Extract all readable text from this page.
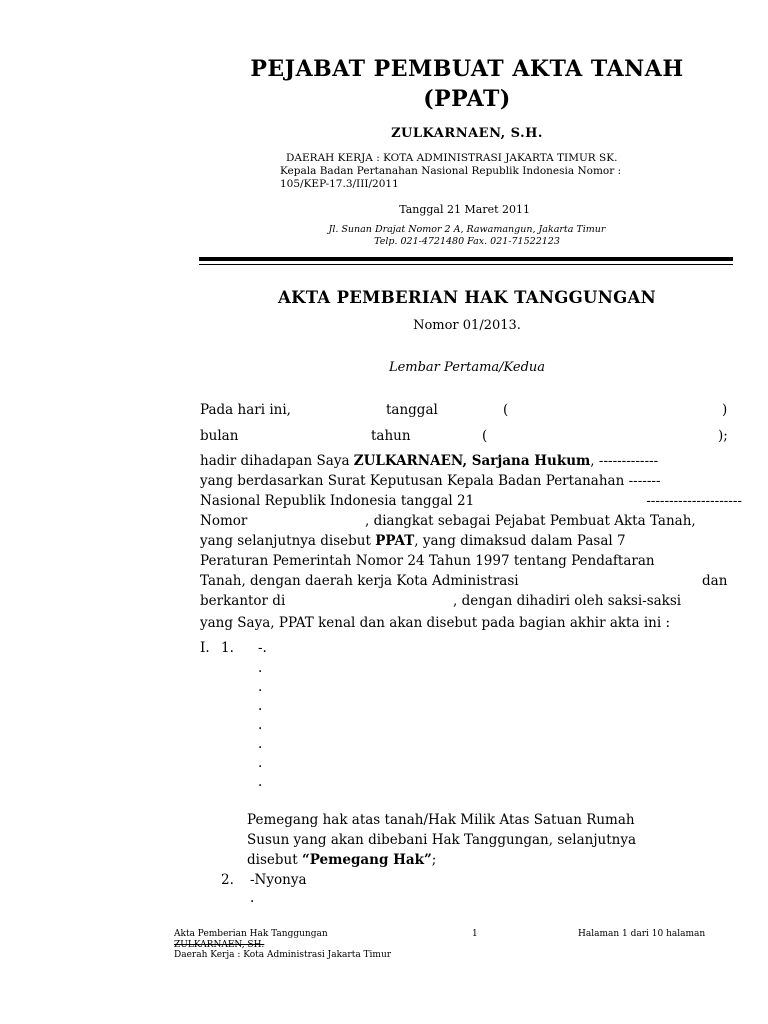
PEJABAT PEMBUAT AKTA TANAH
(PPAT)
ZULKARNAEN, S.H.
DAERAH KERJA : KOTA ADMINISTRASI JAKARTA TIMUR SK.
Kepala Badan Pertanahan Nasional Republik Indonesia Nomor :
105/KEP-17.3/III/2011
Tanggal 21 Maret 2011
Jl. Sunan Drajat Nomor 2 A, Rawamangun, Jakarta Timur
Telp. 021-4721480 Fax. 021-71522123
AKTA PEMBERIAN HAK TANGGUNGAN
Nomor 01/2013.
Lembar Pertama/Kedua
Pada hari ini,	tanggal	(	)
bulan	tahun	(	);
hadir dihadapan Saya ZULKARNAEN, Sarjana Hukum, -------------
yang berdasarkan Surat Keputusan Kepala Badan Pertanahan -------
Nasional Republik Indonesia tanggal 21	---------------------
Nomor	, diangkat sebagai Pejabat Pembuat Akta Tanah,
yang selanjutnya disebut PPAT, yang dimaksud dalam Pasal 7
Peraturan Pemerintah Nomor 24 Tahun 1997 tentang Pendaftaran
Tanah, dengan daerah kerja Kota Administrasi	dan
berkantor di	, dengan dihadiri oleh saksi-saksi
yang Saya, PPAT kenal dan akan disebut pada bagian akhir akta ini :
I. 1. -.
.
.
.
.
.
.
.
Pemegang hak atas tanah/Hak Milik Atas Satuan Rumah
Susun yang akan dibebani Hak Tanggungan, selanjutnya
disebut “Pemegang Hak”;
2. -Nyonya
.
Akta Pemberian Hak Tanggungan	1	Halaman 1 dari 10 halaman
ZULKARNAEN, SH.
Daerah Kerja : Kota Administrasi Jakarta Timur
